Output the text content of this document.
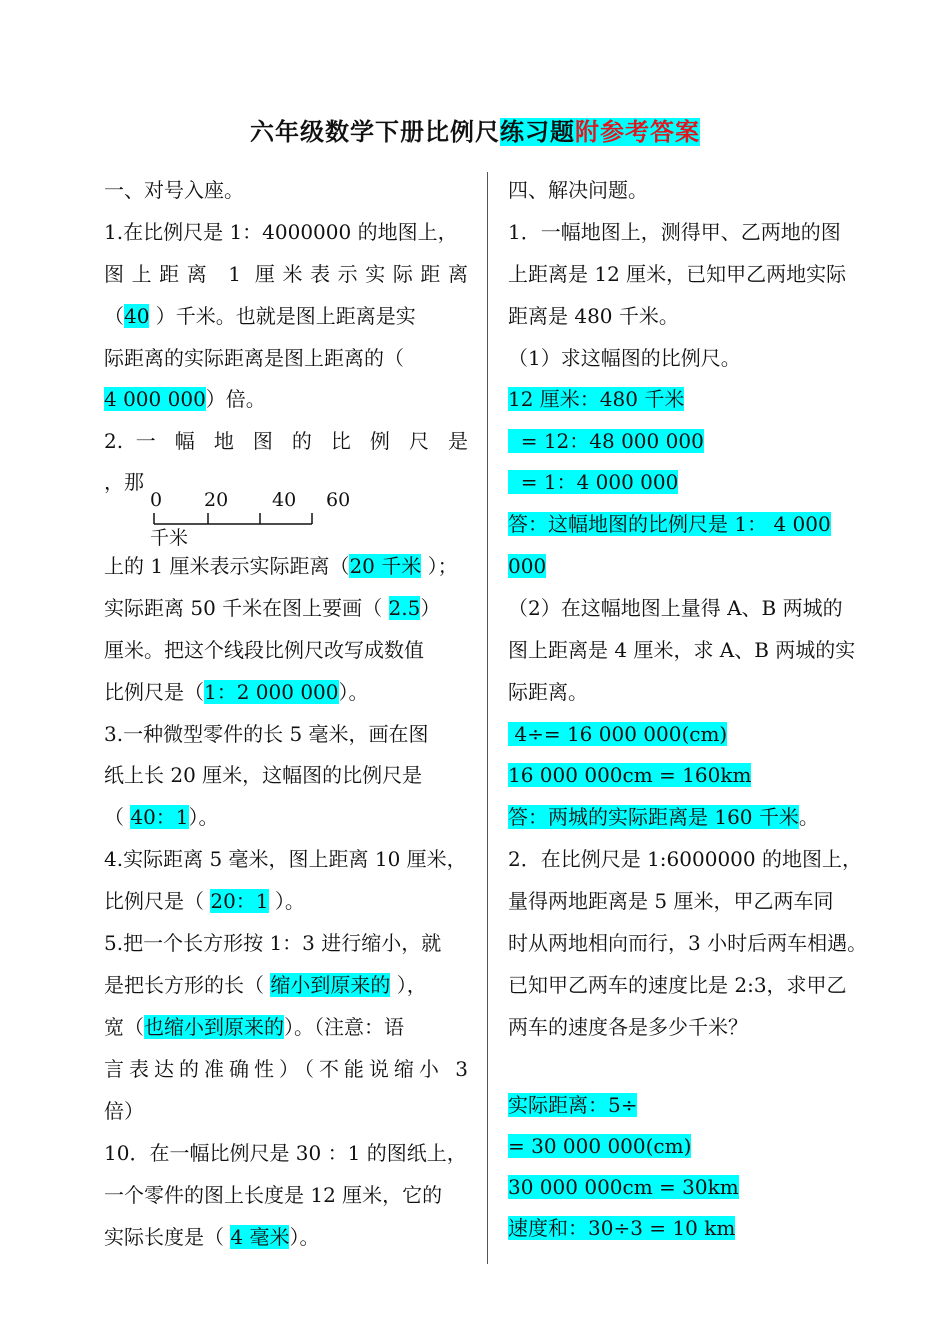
六年级数学下册比例尺练习题附参考答案
一、对号入座。
1.在比例尺是 1：4000000 的地图上，
图上距离 1 厘米表示实际距离
（40 ）千米。也就是图上距离是实
际距离的实际距离是图上距离的（
4 000 000）倍。
2. 一 幅 地 图 的 比 例 尺 是
，那
上的 1 厘米表示实际距离（20 千米 ）；
实际距离 50 千米在图上要画（ 2.5）
厘米。把这个线段比例尺改写成数值
比例尺是（1：2 000 000）。
3.一种微型零件的长 5 毫米，画在图
纸上长 20 厘米，这幅图的比例尺是
（ 40：1）。
4.实际距离 5 毫米，图上距离 10 厘米，
比例尺是（ 20：1 ）。
5.把一个长方形按 1：3 进行缩小，就
是把长方形的长（ 缩小到原来的 ），
宽（也缩小到原来的）。（注意：语
言表达的准确性）（不能说缩小 3
倍）
10．在一幅比例尺是 30 ：1 的图纸上，
一个零件的图上长度是 12 厘米，它的
实际长度是（ 4 毫米）。
0 20 40 60
千米
四、解决问题。
1．一幅地图上，测得甲、乙两地的图
上距离是 12 厘米，已知甲乙两地实际
距离是 480 千米。
（1）求这幅图的比例尺。
12 厘米：480 千米
= 12：48 000 000
= 1：4 000 000
答：这幅地图的比例尺是 1： 4 000
000
（2）在这幅地图上量得 A、B 两城的
图上距离是 4 厘米，求 A、B 两城的实
际距离。
4÷= 16 000 000(cm)
16 000 000cm = 160km
答：两城的实际距离是 160 千米。
2．在比例尺是 1:6000000 的地图上，
量得两地距离是 5 厘米，甲乙两车同
时从两地相向而行，3 小时后两车相遇。
已知甲乙两车的速度比是 2:3，求甲乙
两车的速度各是多少千米？
实际距离：5÷
= 30 000 000(cm)
30 000 000cm = 30km
速度和：30÷3 = 10 km
